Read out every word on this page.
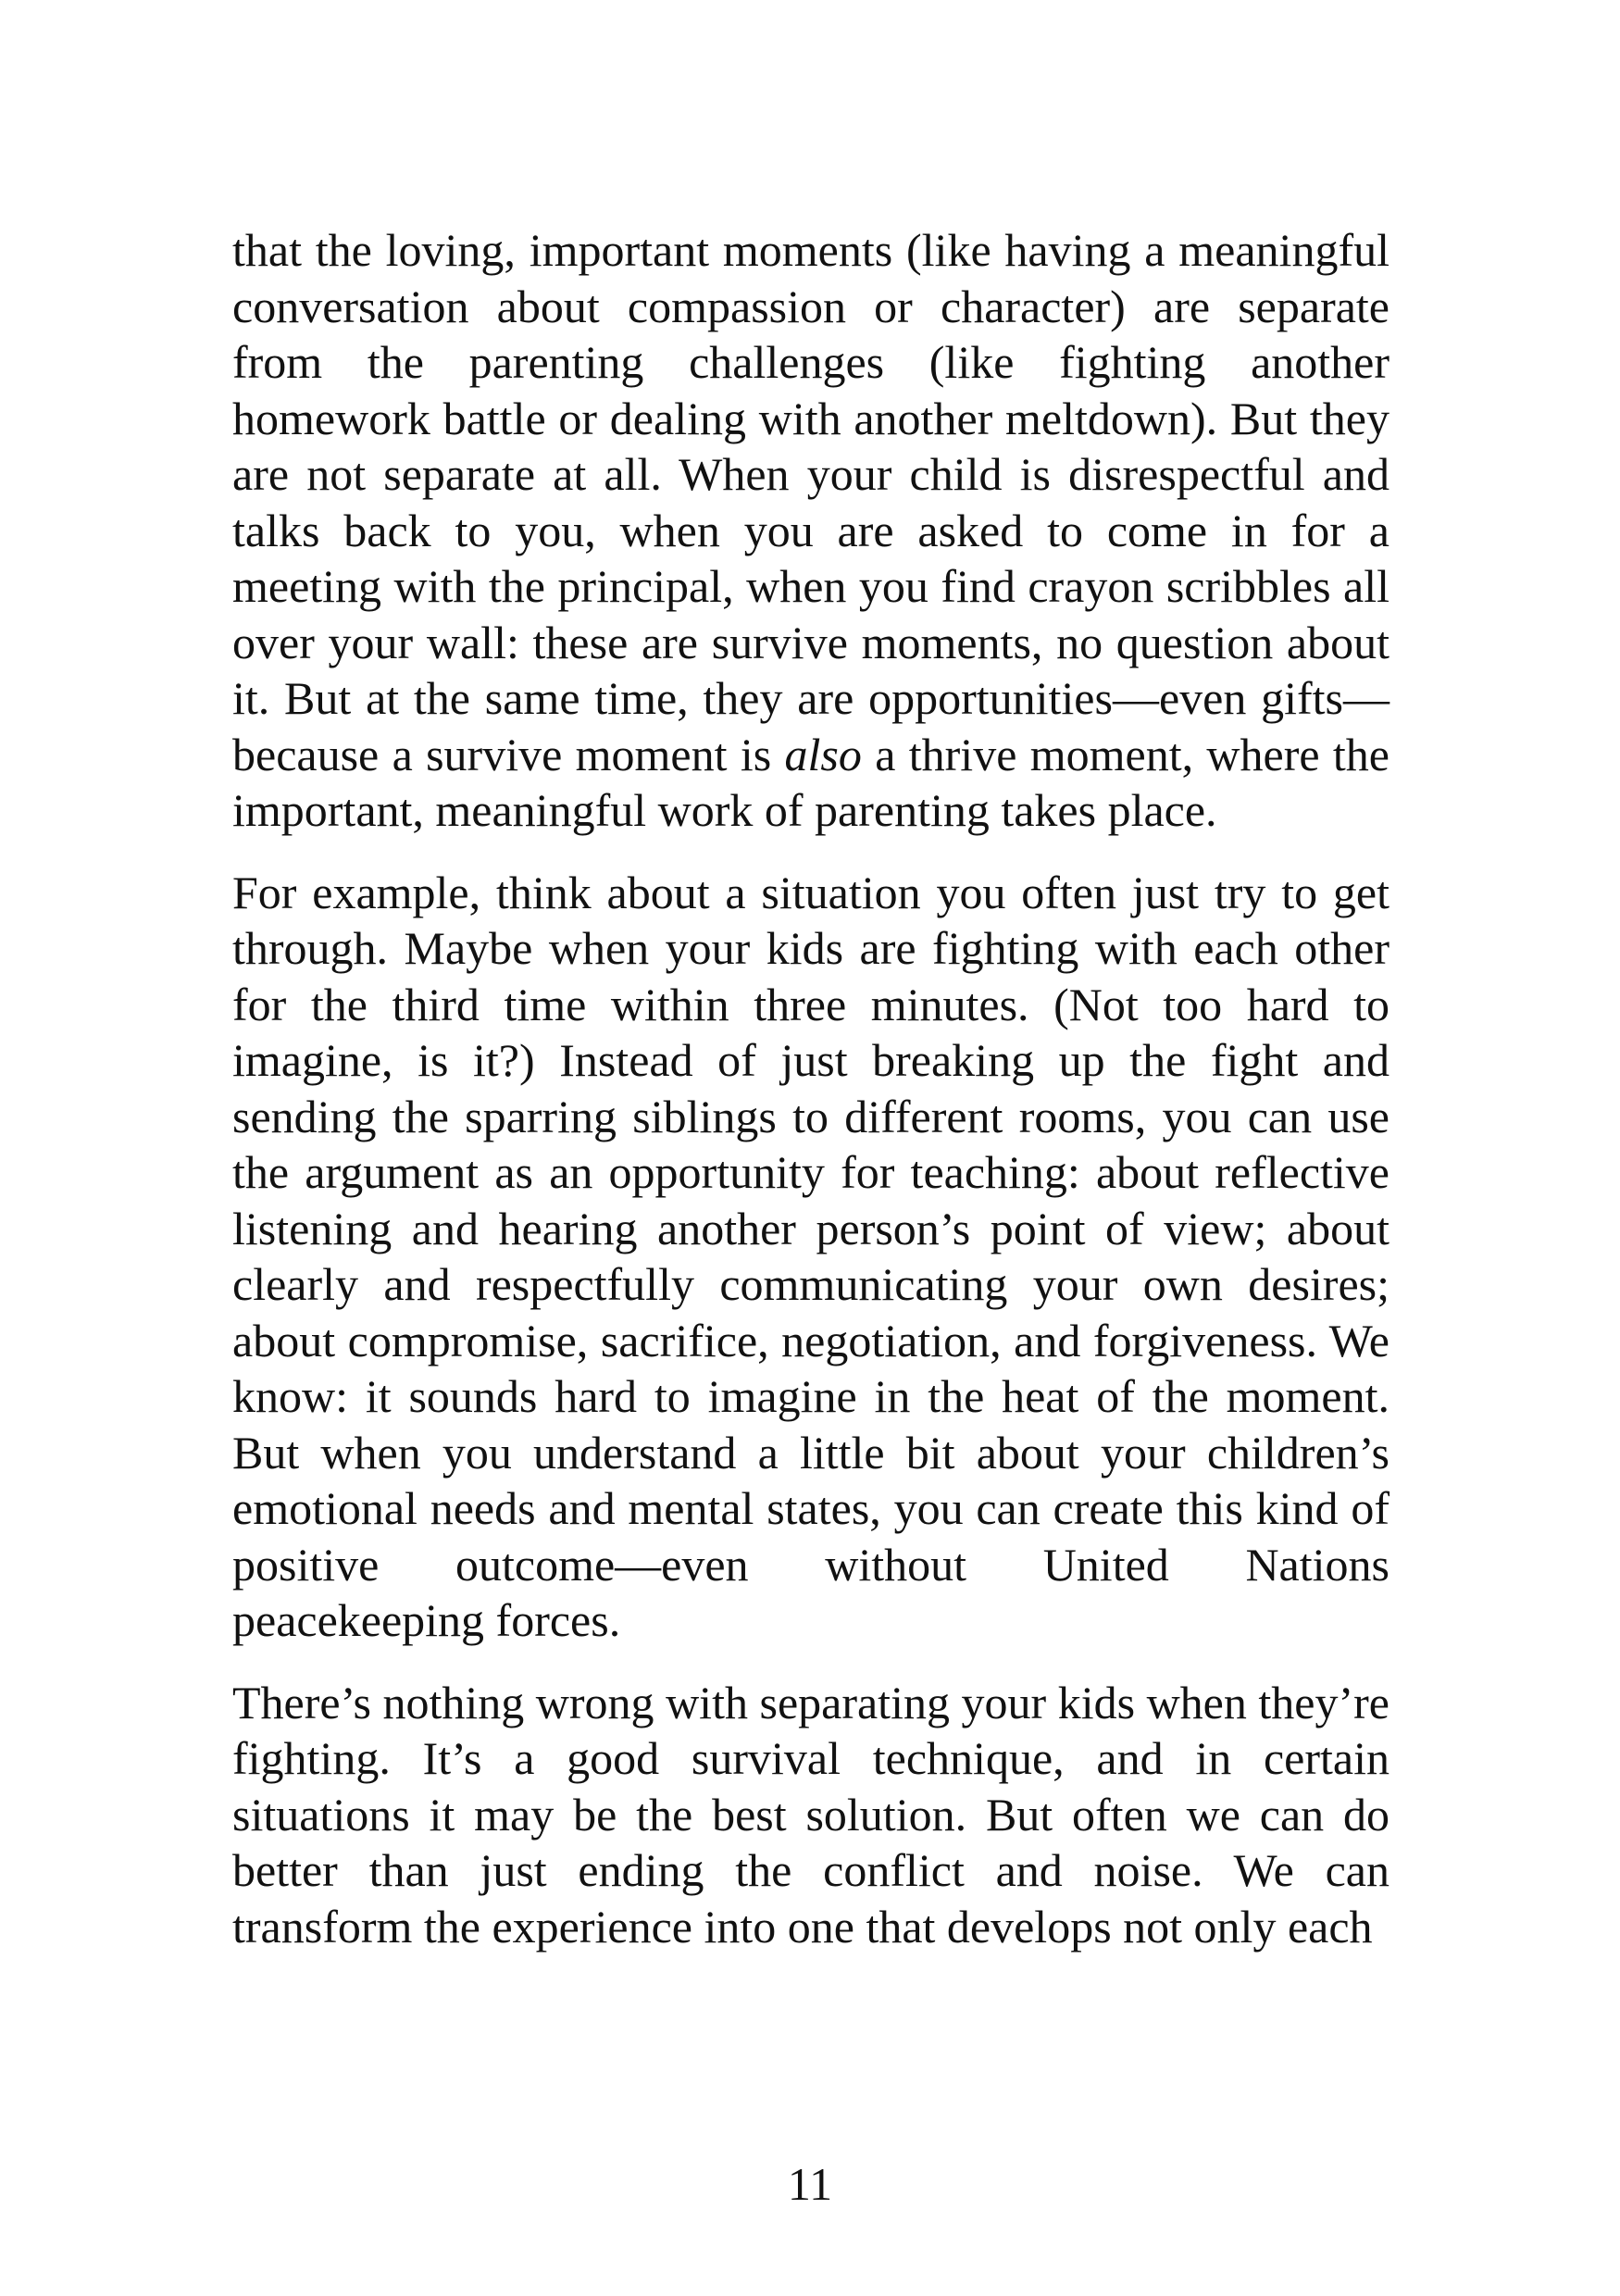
that the loving, important moments (like having a meaningful conversation about compassion or character) are separate from the parenting challenges (like fighting another homework battle or dealing with another meltdown). But they are not separate at all. When your child is disrespectful and talks back to you, when you are asked to come in for a meeting with the principal, when you find crayon scribbles all over your wall: these are survive moments, no question about it. But at the same time, they are opportunities—even gifts—because a survive moment is also a thrive moment, where the important, meaningful work of parenting takes place.

For example, think about a situation you often just try to get through. Maybe when your kids are fighting with each other for the third time within three minutes. (Not too hard to imagine, is it?) Instead of just breaking up the fight and sending the sparring siblings to different rooms, you can use the argument as an opportunity for teaching: about reflective listening and hearing another person’s point of view; about clearly and respectfully communicating your own desires; about compromise, sacrifice, negotiation, and forgiveness. We know: it sounds hard to imagine in the heat of the moment. But when you understand a little bit about your children’s emotional needs and mental states, you can create this kind of positive outcome—even without United Nations peacekeeping forces.

There’s nothing wrong with separating your kids when they’re fighting. It’s a good survival technique, and in certain situations it may be the best solution. But often we can do better than just ending the conflict and noise. We can transform the experience into one that develops not only each

11
